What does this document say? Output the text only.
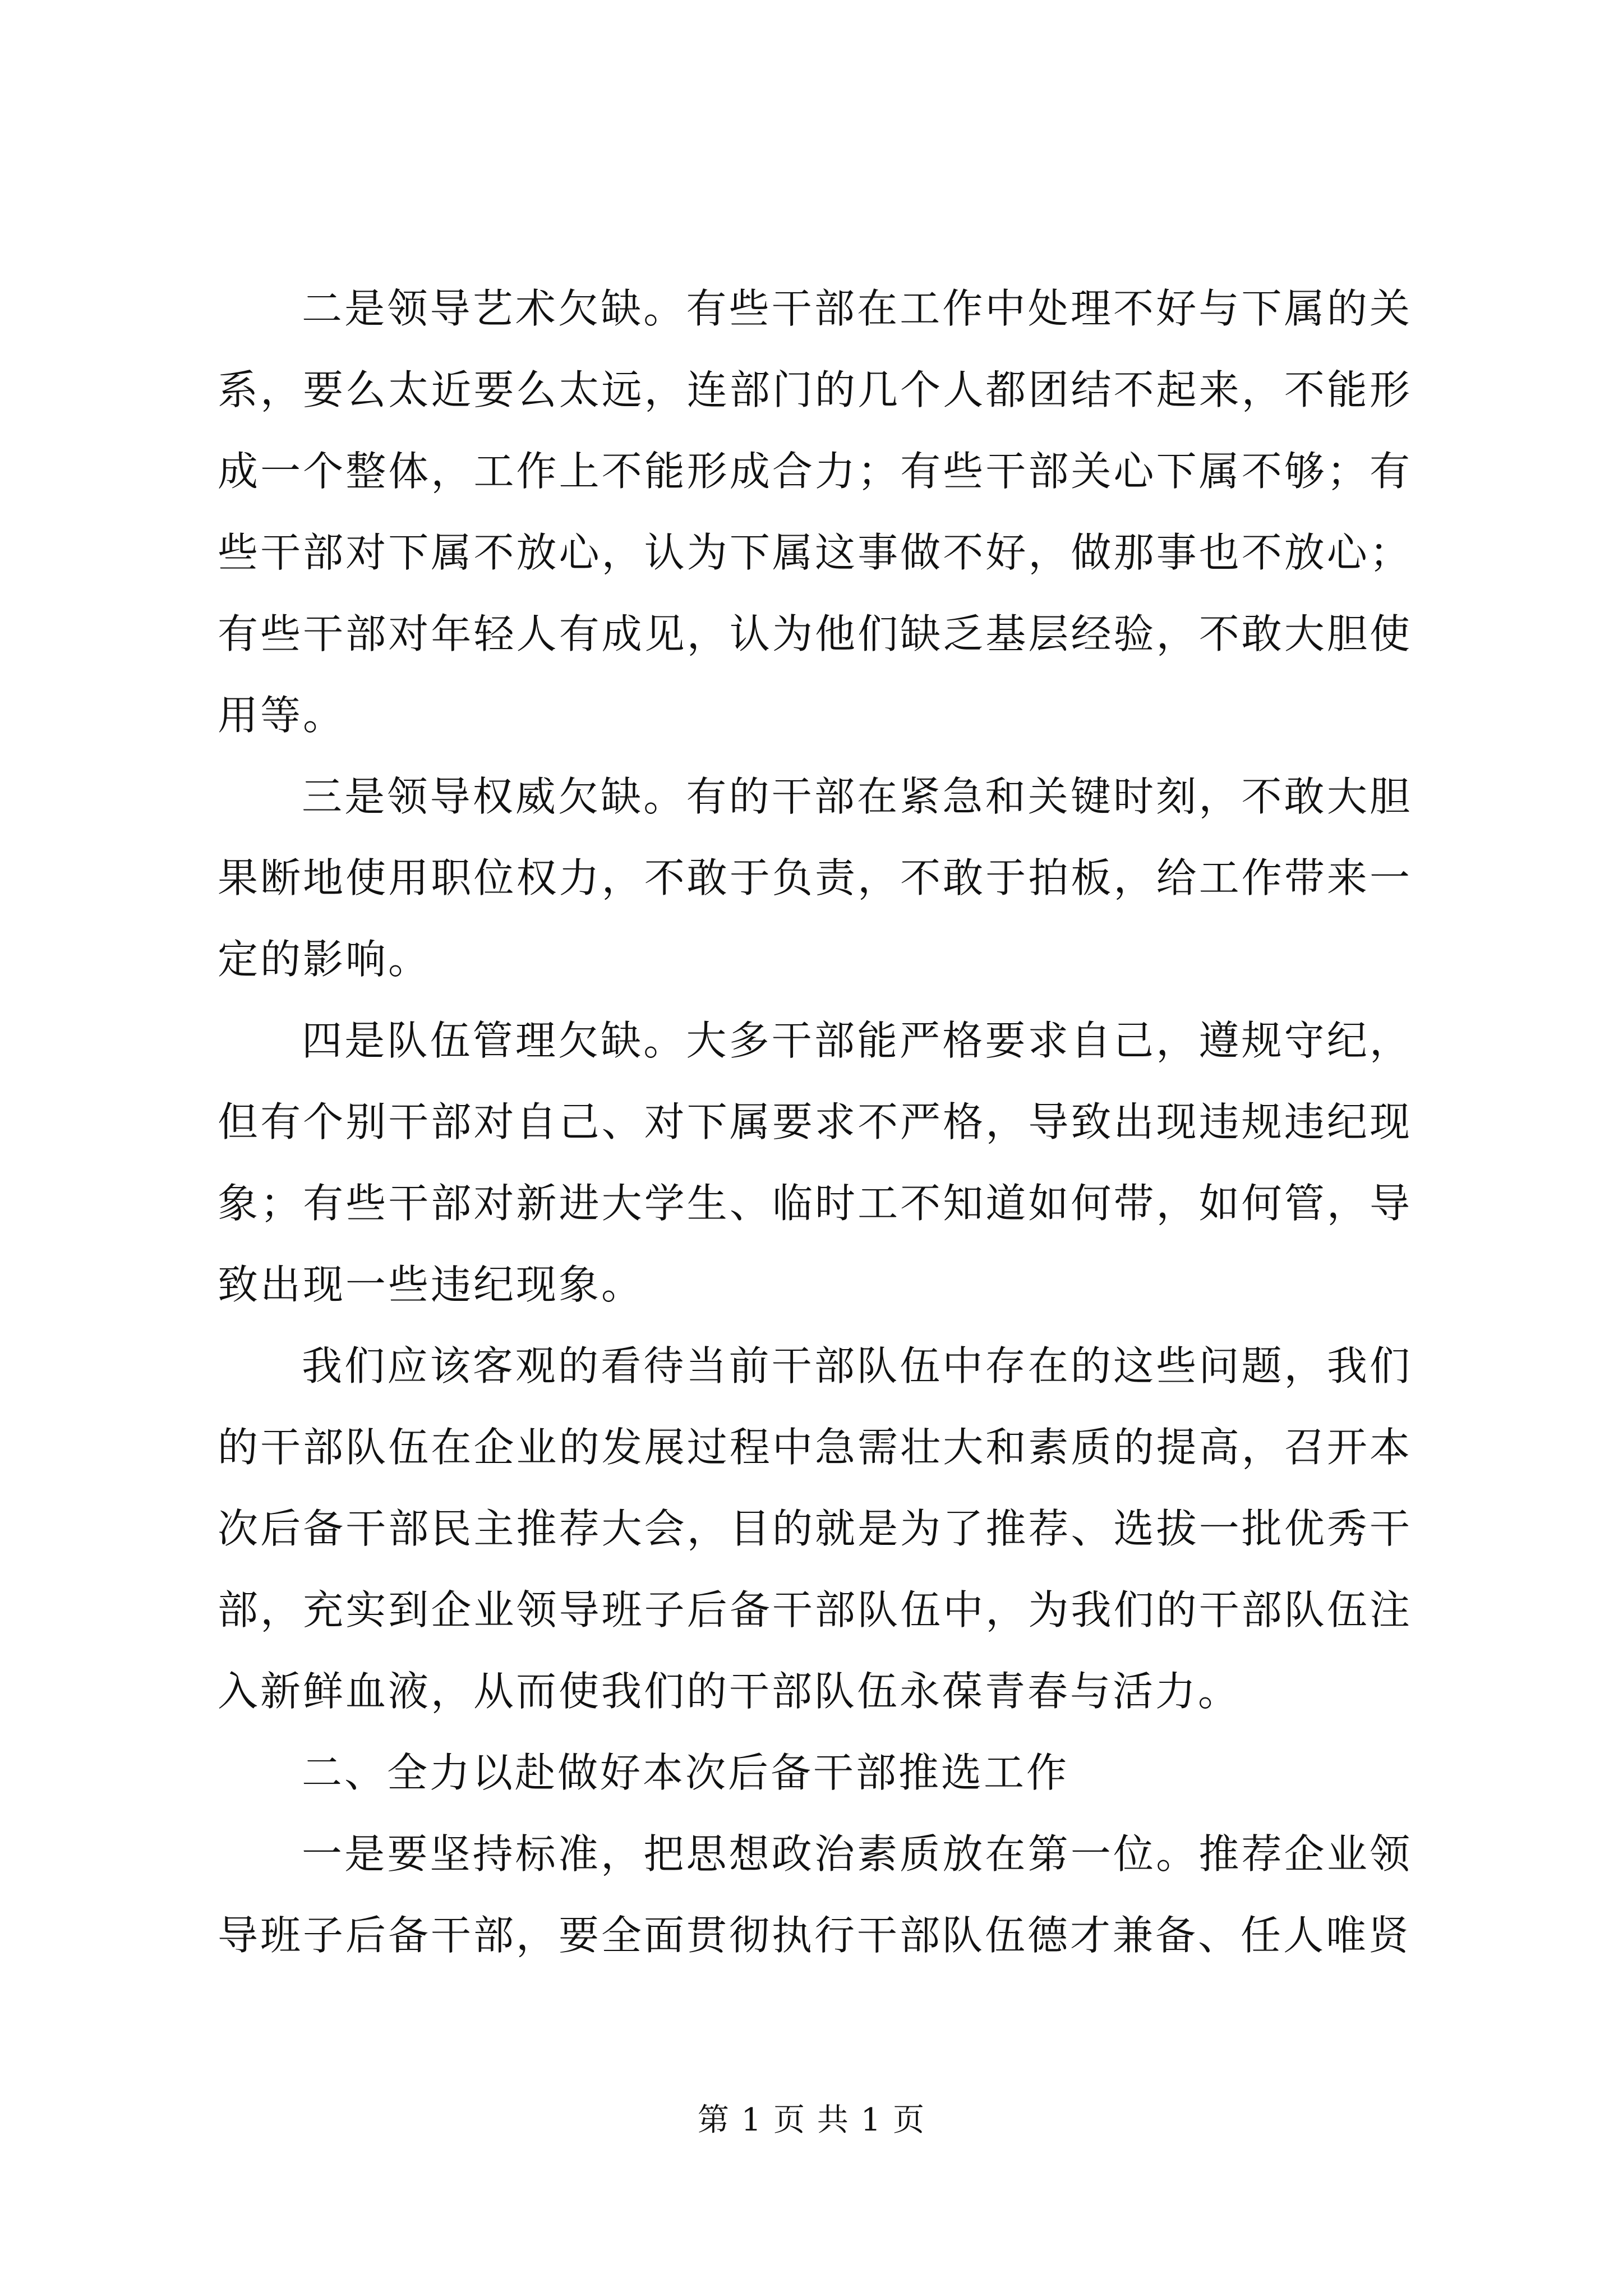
二是领导艺术欠缺。有些干部在工作中处理不好与下属的关系，要么太近要么太远，连部门的几个人都团结不起来，不能形成一个整体，工作上不能形成合力；有些干部关心下属不够；有些干部对下属不放心，认为下属这事做不好，做那事也不放心；有些干部对年轻人有成见，认为他们缺乏基层经验，不敢大胆使用等。

三是领导权威欠缺。有的干部在紧急和关键时刻，不敢大胆果断地使用职位权力，不敢于负责，不敢于拍板，给工作带来一定的影响。

四是队伍管理欠缺。大多干部能严格要求自己，遵规守纪，但有个别干部对自己、对下属要求不严格，导致出现违规违纪现象；有些干部对新进大学生、临时工不知道如何带，如何管，导致出现一些违纪现象。

我们应该客观的看待当前干部队伍中存在的这些问题，我们的干部队伍在企业的发展过程中急需壮大和素质的提高，召开本次后备干部民主推荐大会，目的就是为了推荐、选拔一批优秀干部，充实到企业领导班子后备干部队伍中，为我们的干部队伍注入新鲜血液，从而使我们的干部队伍永葆青春与活力。

二、全力以赴做好本次后备干部推选工作

一是要坚持标准，把思想政治素质放在第一位。推荐企业领导班子后备干部，要全面贯彻执行干部队伍德才兼备、任人唯贤

第 1 页 共 1 页
